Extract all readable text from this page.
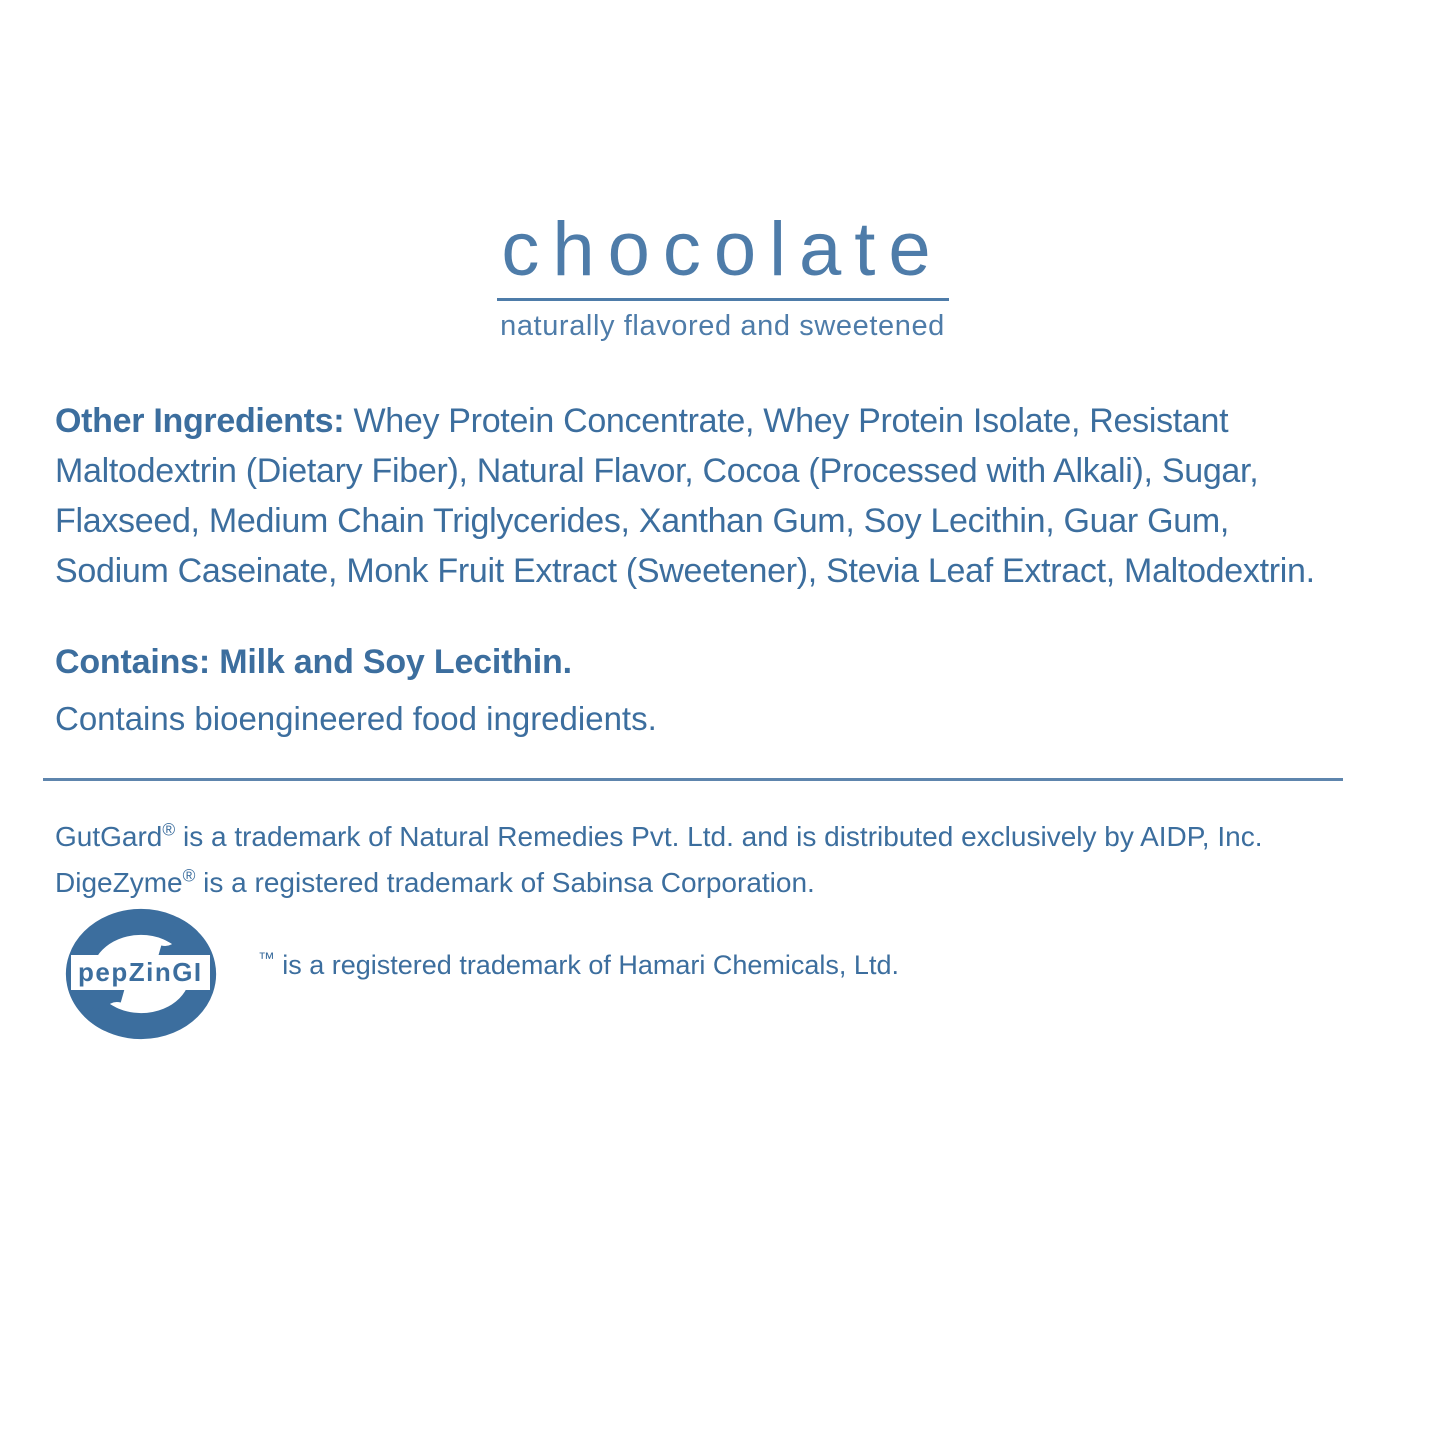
chocolate
naturally flavored and sweetened
Other Ingredients: Whey Protein Concentrate, Whey Protein Isolate, Resistant
Maltodextrin (Dietary Fiber), Natural Flavor, Cocoa (Processed with Alkali), Sugar,
Flaxseed, Medium Chain Triglycerides, Xanthan Gum, Soy Lecithin, Guar Gum,
Sodium Caseinate, Monk Fruit Extract (Sweetener), Stevia Leaf Extract, Maltodextrin.
Contains: Milk and Soy Lecithin.
Contains bioengineered food ingredients.
GutGard® is a trademark of Natural Remedies Pvt. Ltd. and is distributed exclusively by AIDP, Inc.
DigeZyme® is a registered trademark of Sabinsa Corporation.
pepZinGI	™ is a registered trademark of Hamari Chemicals, Ltd.
